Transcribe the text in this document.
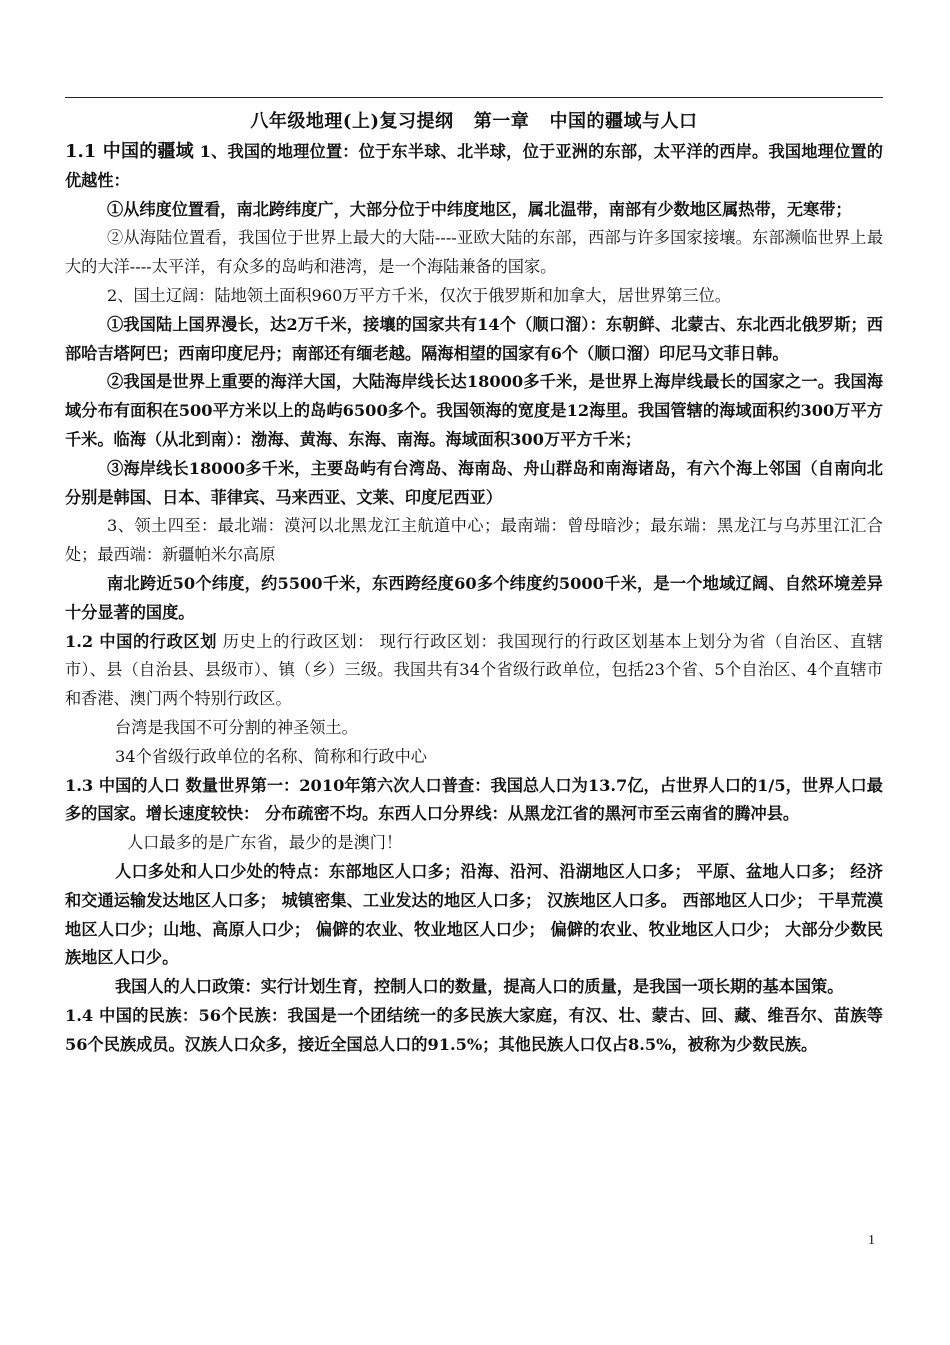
八年级地理(上)复习提纲   第一章   中国的疆域与人口

1.1 中国的疆域 1、我国的地理位置：位于东半球、北半球，位于亚洲的东部，太平洋的西岸。我国地理位置的优越性：

①从纬度位置看，南北跨纬度广，大部分位于中纬度地区，属北温带，南部有少数地区属热带，无寒带；

②从海陆位置看，我国位于世界上最大的大陆----亚欧大陆的东部，西部与许多国家接壤。东部濒临世界上最大的大洋----太平洋，有众多的岛屿和港湾，是一个海陆兼备的国家。

2、国土辽阔：陆地领土面积960万平方千米，仅次于俄罗斯和加拿大，居世界第三位。

①我国陆上国界漫长，达2万千米，接壤的国家共有14个（顺口溜）：东朝鲜、北蒙古、东北西北俄罗斯；西部哈吉塔阿巴；西南印度尼丹；南部还有缅老越。隔海相望的国家有6个（顺口溜）印尼马文菲日韩。

②我国是世界上重要的海洋大国，大陆海岸线长达18000多千米，是世界上海岸线最长的国家之一。我国海域分布有面积在500平方米以上的岛屿6500多个。我国领海的宽度是12海里。我国管辖的海域面积约300万平方千米。临海（从北到南）：渤海、黄海、东海、南海。海域面积300万平方千米；

③海岸线长18000多千米，主要岛屿有台湾岛、海南岛、舟山群岛和南海诸岛，有六个海上邻国（自南向北分别是韩国、日本、菲律宾、马来西亚、文莱、印度尼西亚）

3、领土四至：最北端：漠河以北黑龙江主航道中心；最南端：曾母暗沙；最东端：黑龙江与乌苏里江汇合处；最西端：新疆帕米尔高原

南北跨近50个纬度，约5500千米，东西跨经度60多个纬度约5000千米，是一个地域辽阔、自然环境差异十分显著的国度。

1.2 中国的行政区划 历史上的行政区划： 现行行政区划：我国现行的行政区划基本上划分为省（自治区、直辖市）、县（自治县、县级市）、镇（乡）三级。我国共有34个省级行政单位，包括23个省、5个自治区、4个直辖市和香港、澳门两个特别行政区。

台湾是我国不可分割的神圣领土。

34个省级行政单位的名称、简称和行政中心

1.3 中国的人口 数量世界第一：2010年第六次人口普查：我国总人口为13.7亿，占世界人口的1/5，世界人口最多的国家。增长速度较快： 分布疏密不均。东西人口分界线：从黑龙江省的黑河市至云南省的腾冲县。

人口最多的是广东省，最少的是澳门！

人口多处和人口少处的特点：东部地区人口多；沿海、沿河、沿湖地区人口多； 平原、盆地人口多； 经济和交通运输发达地区人口多； 城镇密集、工业发达的地区人口多； 汉族地区人口多。 西部地区人口少； 干旱荒漠地区人口少；山地、高原人口少； 偏僻的农业、牧业地区人口少； 偏僻的农业、牧业地区人口少； 大部分少数民族地区人口少。

我国人的人口政策：实行计划生育，控制人口的数量，提高人口的质量，是我国一项长期的基本国策。

1.4 中国的民族：56个民族：我国是一个团结统一的多民族大家庭，有汉、壮、蒙古、回、藏、维吾尔、苗族等56个民族成员。汉族人口众多，接近全国总人口的91.5%；其他民族人口仅占8.5%，被称为少数民族。

1
